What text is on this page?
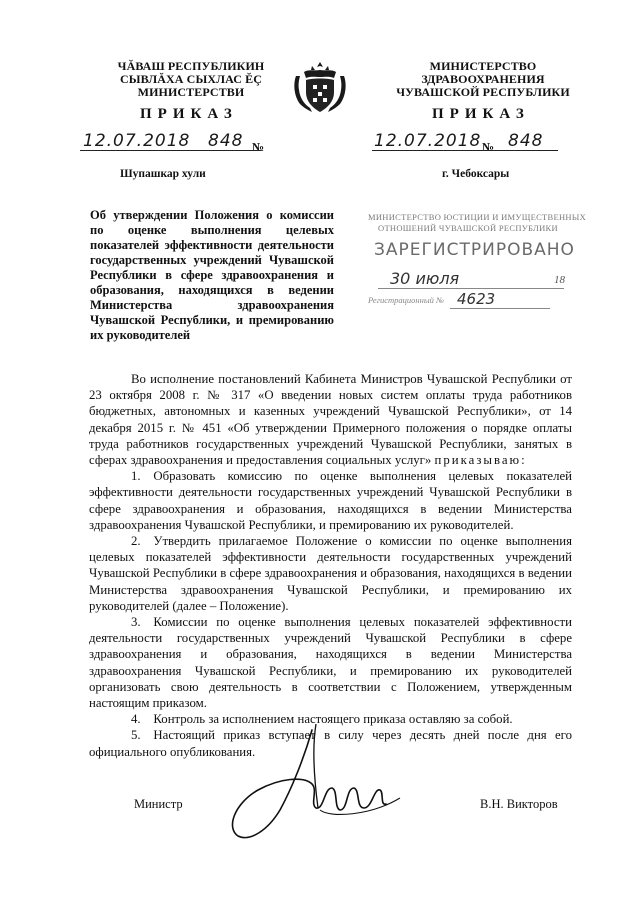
ЧĂВАШ РЕСПУБЛИКИН
СЫВЛĂХА СЫХЛАС ĔÇ
МИНИСТЕРСТВИ
МИНИСТЕРСТВО
ЗДРАВООХРАНЕНИЯ
ЧУВАШСКОЙ РЕСПУБЛИКИ
ПРИКАЗ	ПРИКАЗ
12.07.2018 848 №	12.07.2018 № 848
Шупашкар хули	г. Чебоксары

Об утверждении Положения о комиссии по оценке выполнения целевых показателей эффективности деятельности государственных учреждений Чувашской Республики в сфере здравоохранения и образования, находящихся в ведении Министерства здравоохранения Чувашской Республики, и премированию их руководителей

МИНИСТЕРСТВО ЮСТИЦИИ И ИМУЩЕСТВЕННЫХ
ОТНОШЕНИЙ ЧУВАШСКОЙ РЕСПУБЛИКИ
ЗАРЕГИСТРИРОВАНО
30 июля	18
Регистрационный № 4623

Во исполнение постановлений Кабинета Министров Чувашской Республики от 23 октября 2008 г. № 317 «О введении новых систем оплаты труда работников бюджетных, автономных и казенных учреждений Чувашской Республики», от 14 декабря 2015 г. № 451 «Об утверждении Примерного положения о порядке оплаты труда работников государственных учреждений Чувашской Республики, занятых в сферах здравоохранения и предоставления социальных услуг» приказываю:

1. Образовать комиссию по оценке выполнения целевых показателей эффективности деятельности государственных учреждений Чувашской Республики в сфере здравоохранения и образования, находящихся в ведении Министерства здравоохранения Чувашской Республики, и премированию их руководителей.

2. Утвердить прилагаемое Положение о комиссии по оценке выполнения целевых показателей эффективности деятельности государственных учреждений Чувашской Республики в сфере здравоохранения и образования, находящихся в ведении Министерства здравоохранения Чувашской Республики, и премированию их руководителей (далее – Положение).

3. Комиссии по оценке выполнения целевых показателей эффективности деятельности государственных учреждений Чувашской Республики в сфере здравоохранения и образования, находящихся в ведении Министерства здравоохранения Чувашской Республики, и премированию их руководителей организовать свою деятельность в соответствии с Положением, утвержденным настоящим приказом.

4. Контроль за исполнением настоящего приказа оставляю за собой.

5. Настоящий приказ вступает в силу через десять дней после дня его официального опубликования.

Министр	В.Н. Викторов
